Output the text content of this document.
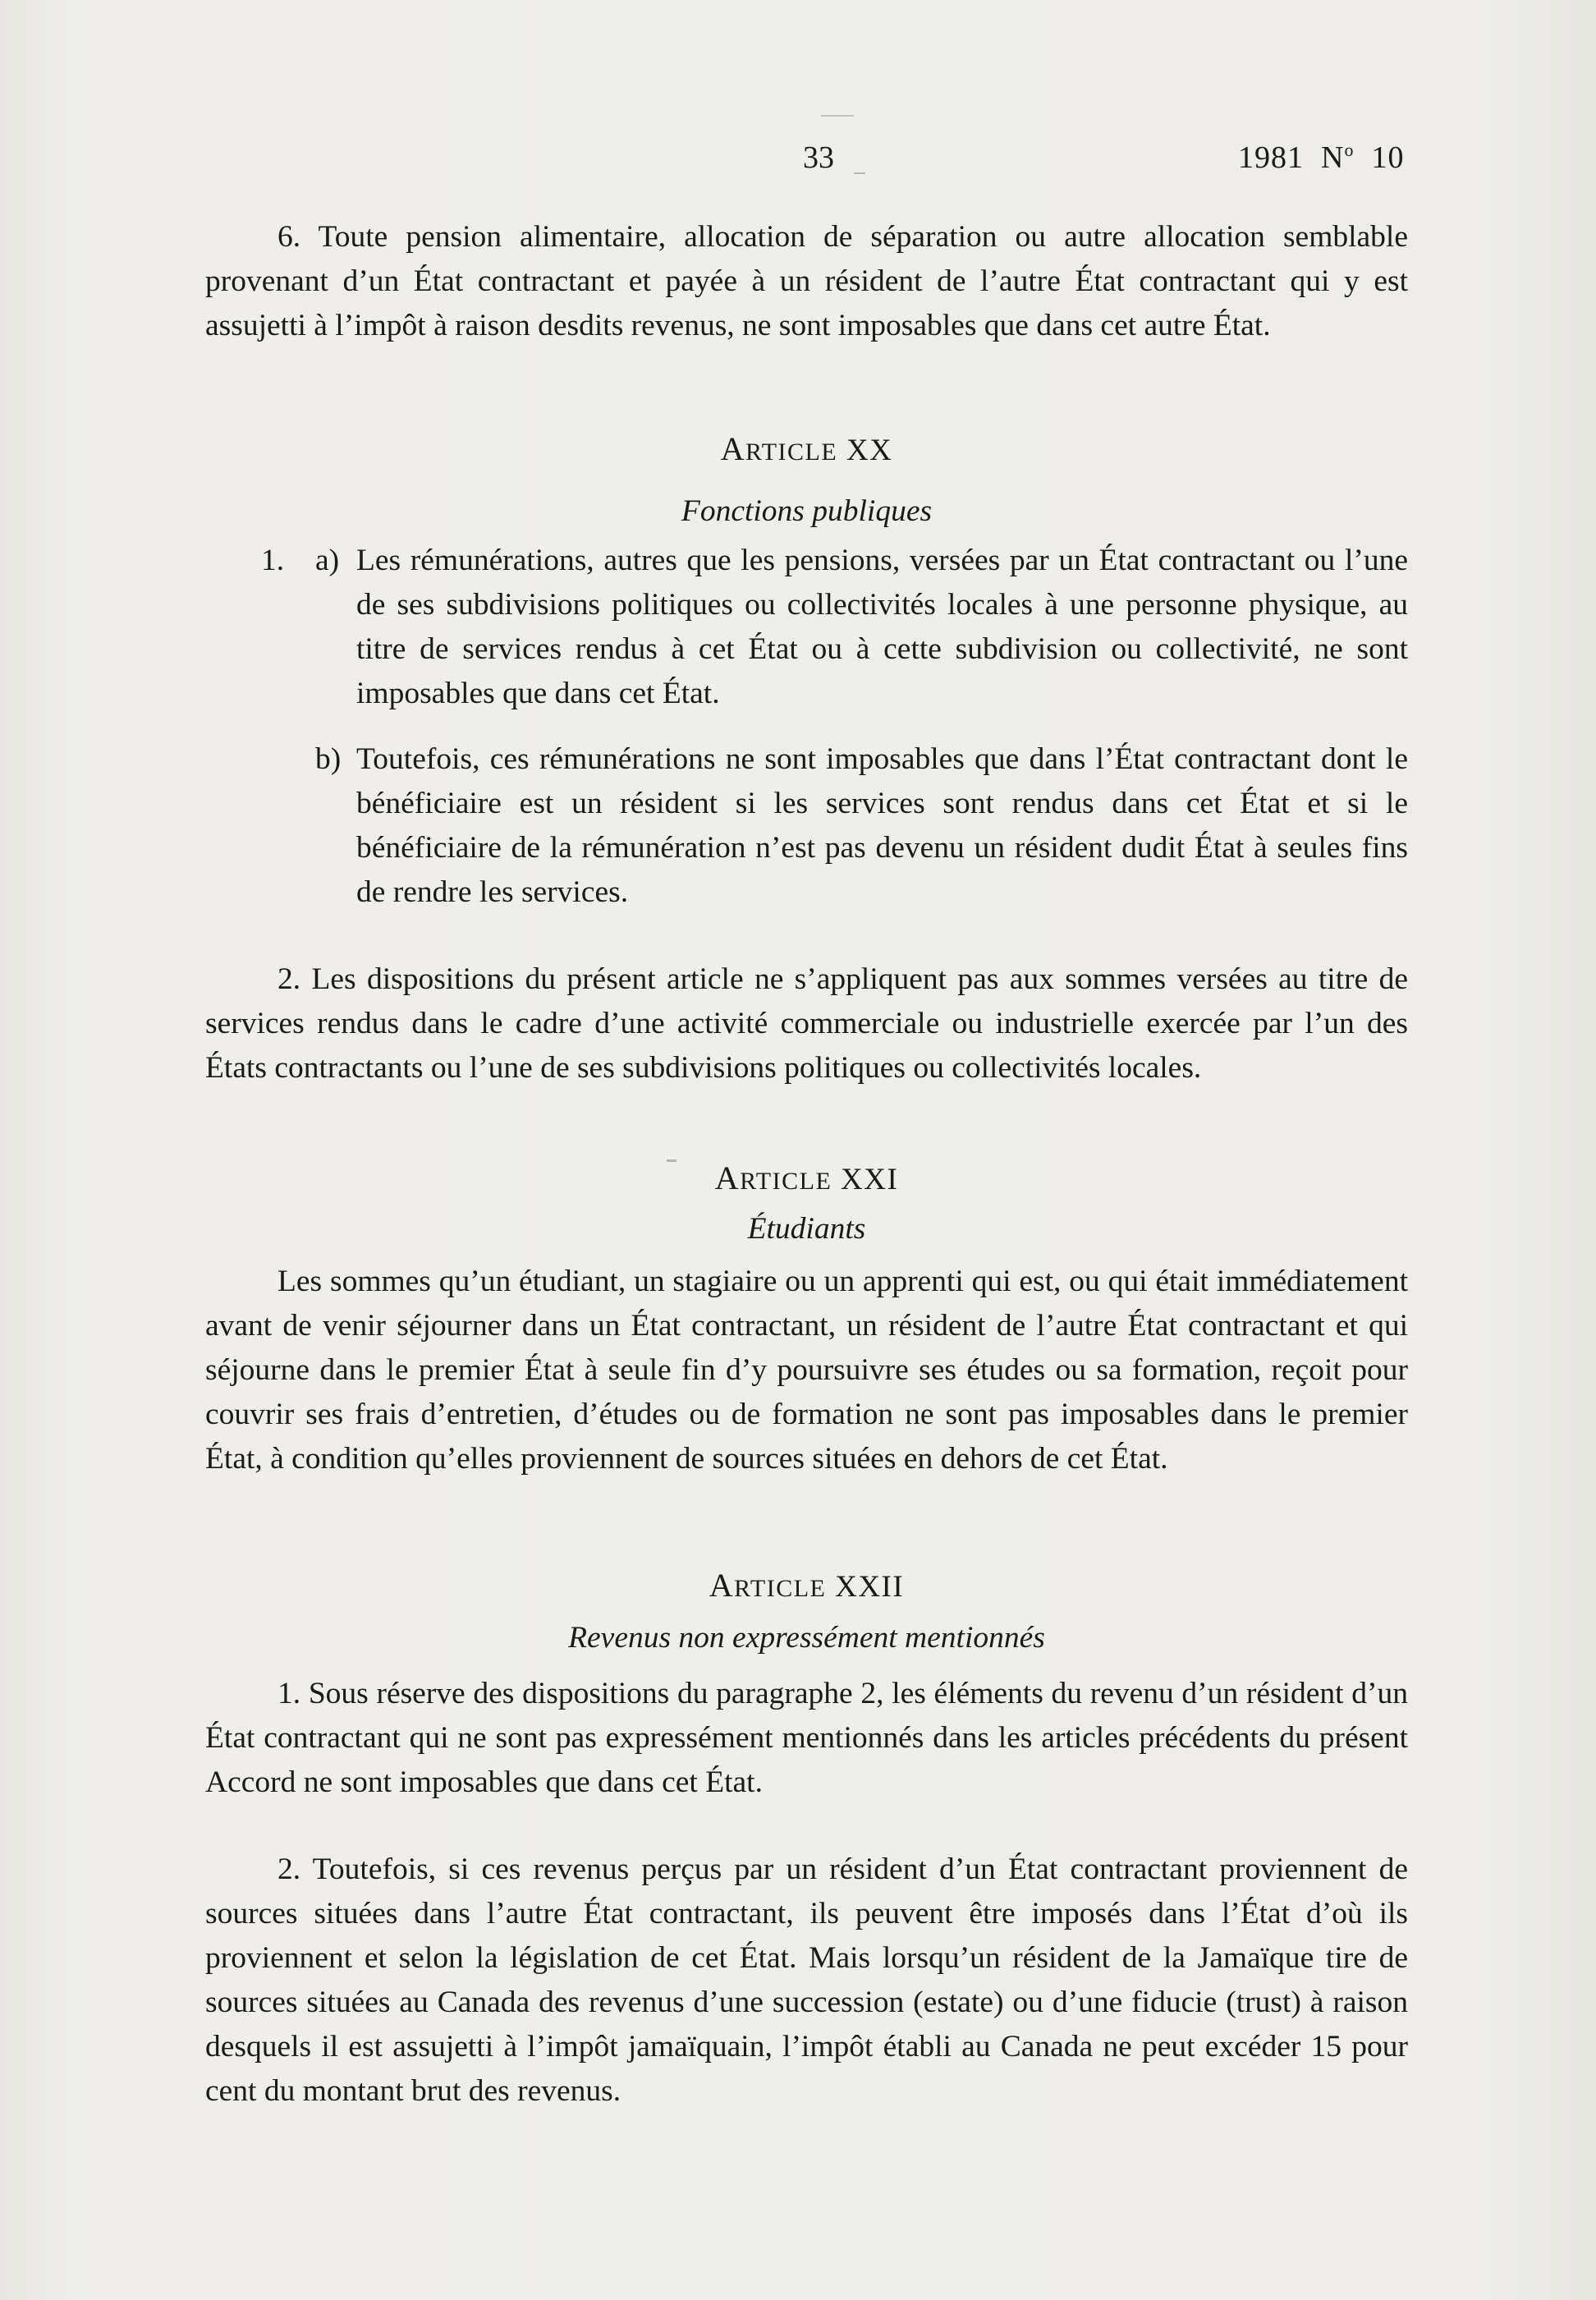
33	1981 $N^o$ 10

6. Toute pension alimentaire, allocation de séparation ou autre allocation semblable provenant d’un État contractant et payée à un résident de l’autre État contractant qui y est assujetti à l’impôt à raison desdits revenus, ne sont imposables que dans cet autre État.

ARTICLE XX

Fonctions publiques

1.	a) Les rémunérations, autres que les pensions, versées par un État contractant ou l’une de ses subdivisions politiques ou collectivités locales à une personne physique, au titre de services rendus à cet État ou à cette subdivision ou collectivité, ne sont imposables que dans cet État.
b) Toutefois, ces rémunérations ne sont imposables que dans l’État contractant dont le bénéficiaire est un résident si les services sont rendus dans cet État et si le bénéficiaire de la rémunération n’est pas devenu un résident dudit État à seules fins de rendre les services.

2. Les dispositions du présent article ne s’appliquent pas aux sommes versées au titre de services rendus dans le cadre d’une activité commerciale ou industrielle exercée par l’un des États contractants ou l’une de ses subdivisions politiques ou collectivités locales.

ARTICLE XXI

Étudiants

Les sommes qu’un étudiant, un stagiaire ou un apprenti qui est, ou qui était immédiatement avant de venir séjourner dans un État contractant, un résident de l’autre État contractant et qui séjourne dans le premier État à seule fin d’y poursuivre ses études ou sa formation, reçoit pour couvrir ses frais d’entretien, d’études ou de formation ne sont pas imposables dans le premier État, à condition qu’elles proviennent de sources situées en dehors de cet État.

ARTICLE XXII

Revenus non expressément mentionnés

1. Sous réserve des dispositions du paragraphe 2, les éléments du revenu d’un résident d’un État contractant qui ne sont pas expressément mentionnés dans les articles précédents du présent Accord ne sont imposables que dans cet État.

2. Toutefois, si ces revenus perçus par un résident d’un État contractant proviennent de sources situées dans l’autre État contractant, ils peuvent être imposés dans l’État d’où ils proviennent et selon la législation de cet État. Mais lorsqu’un résident de la Jamaïque tire de sources situées au Canada des revenus d’une succession (estate) ou d’une fiducie (trust) à raison desquels il est assujetti à l’impôt jamaïquain, l’impôt établi au Canada ne peut excéder 15 pour cent du montant brut des revenus.
